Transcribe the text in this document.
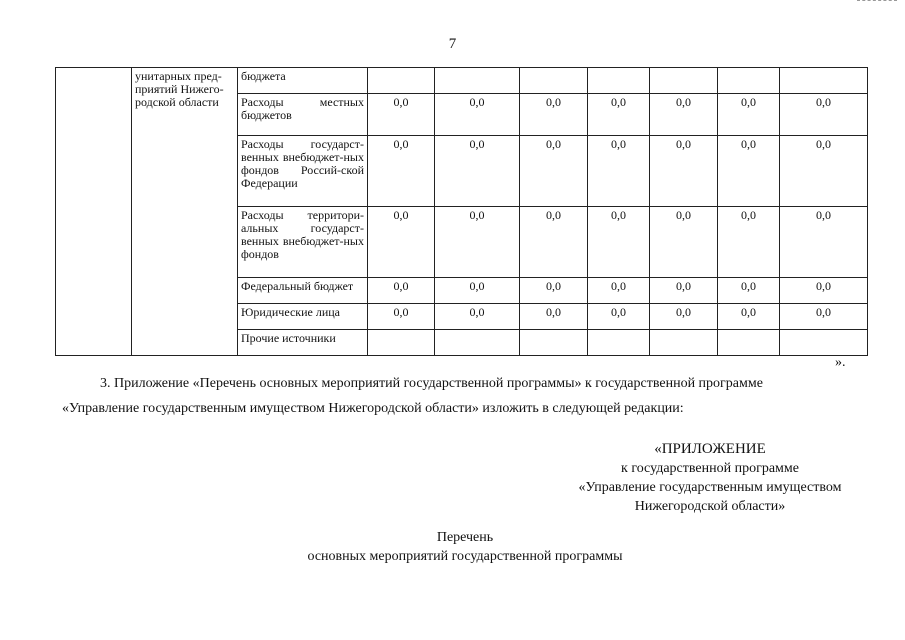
7
	унитарных пред-приятий Нижего-родской области	бюджета							
		Расходы местных бюджетов	0,0	0,0	0,0	0,0	0,0	0,0	0,0
		Расходы государст-венных внебюджет-ных фондов Россий-ской Федерации	0,0	0,0	0,0	0,0	0,0	0,0	0,0
		Расходы территори-альных государст-венных внебюджет-ных фондов	0,0	0,0	0,0	0,0	0,0	0,0	0,0
		Федеральный бюджет	0,0	0,0	0,0	0,0	0,0	0,0	0,0
		Юридические лица	0,0	0,0	0,0	0,0	0,0	0,0	0,0
		Прочие источники							
».
3. Приложение «Перечень основных мероприятий государственной программы» к государственной программе
«Управление государственным имуществом Нижегородской области» изложить в следующей редакции:
«ПРИЛОЖЕНИЕ
к государственной программе
«Управление государственным имуществом
Нижегородской области»
Перечень
основных мероприятий государственной программы
